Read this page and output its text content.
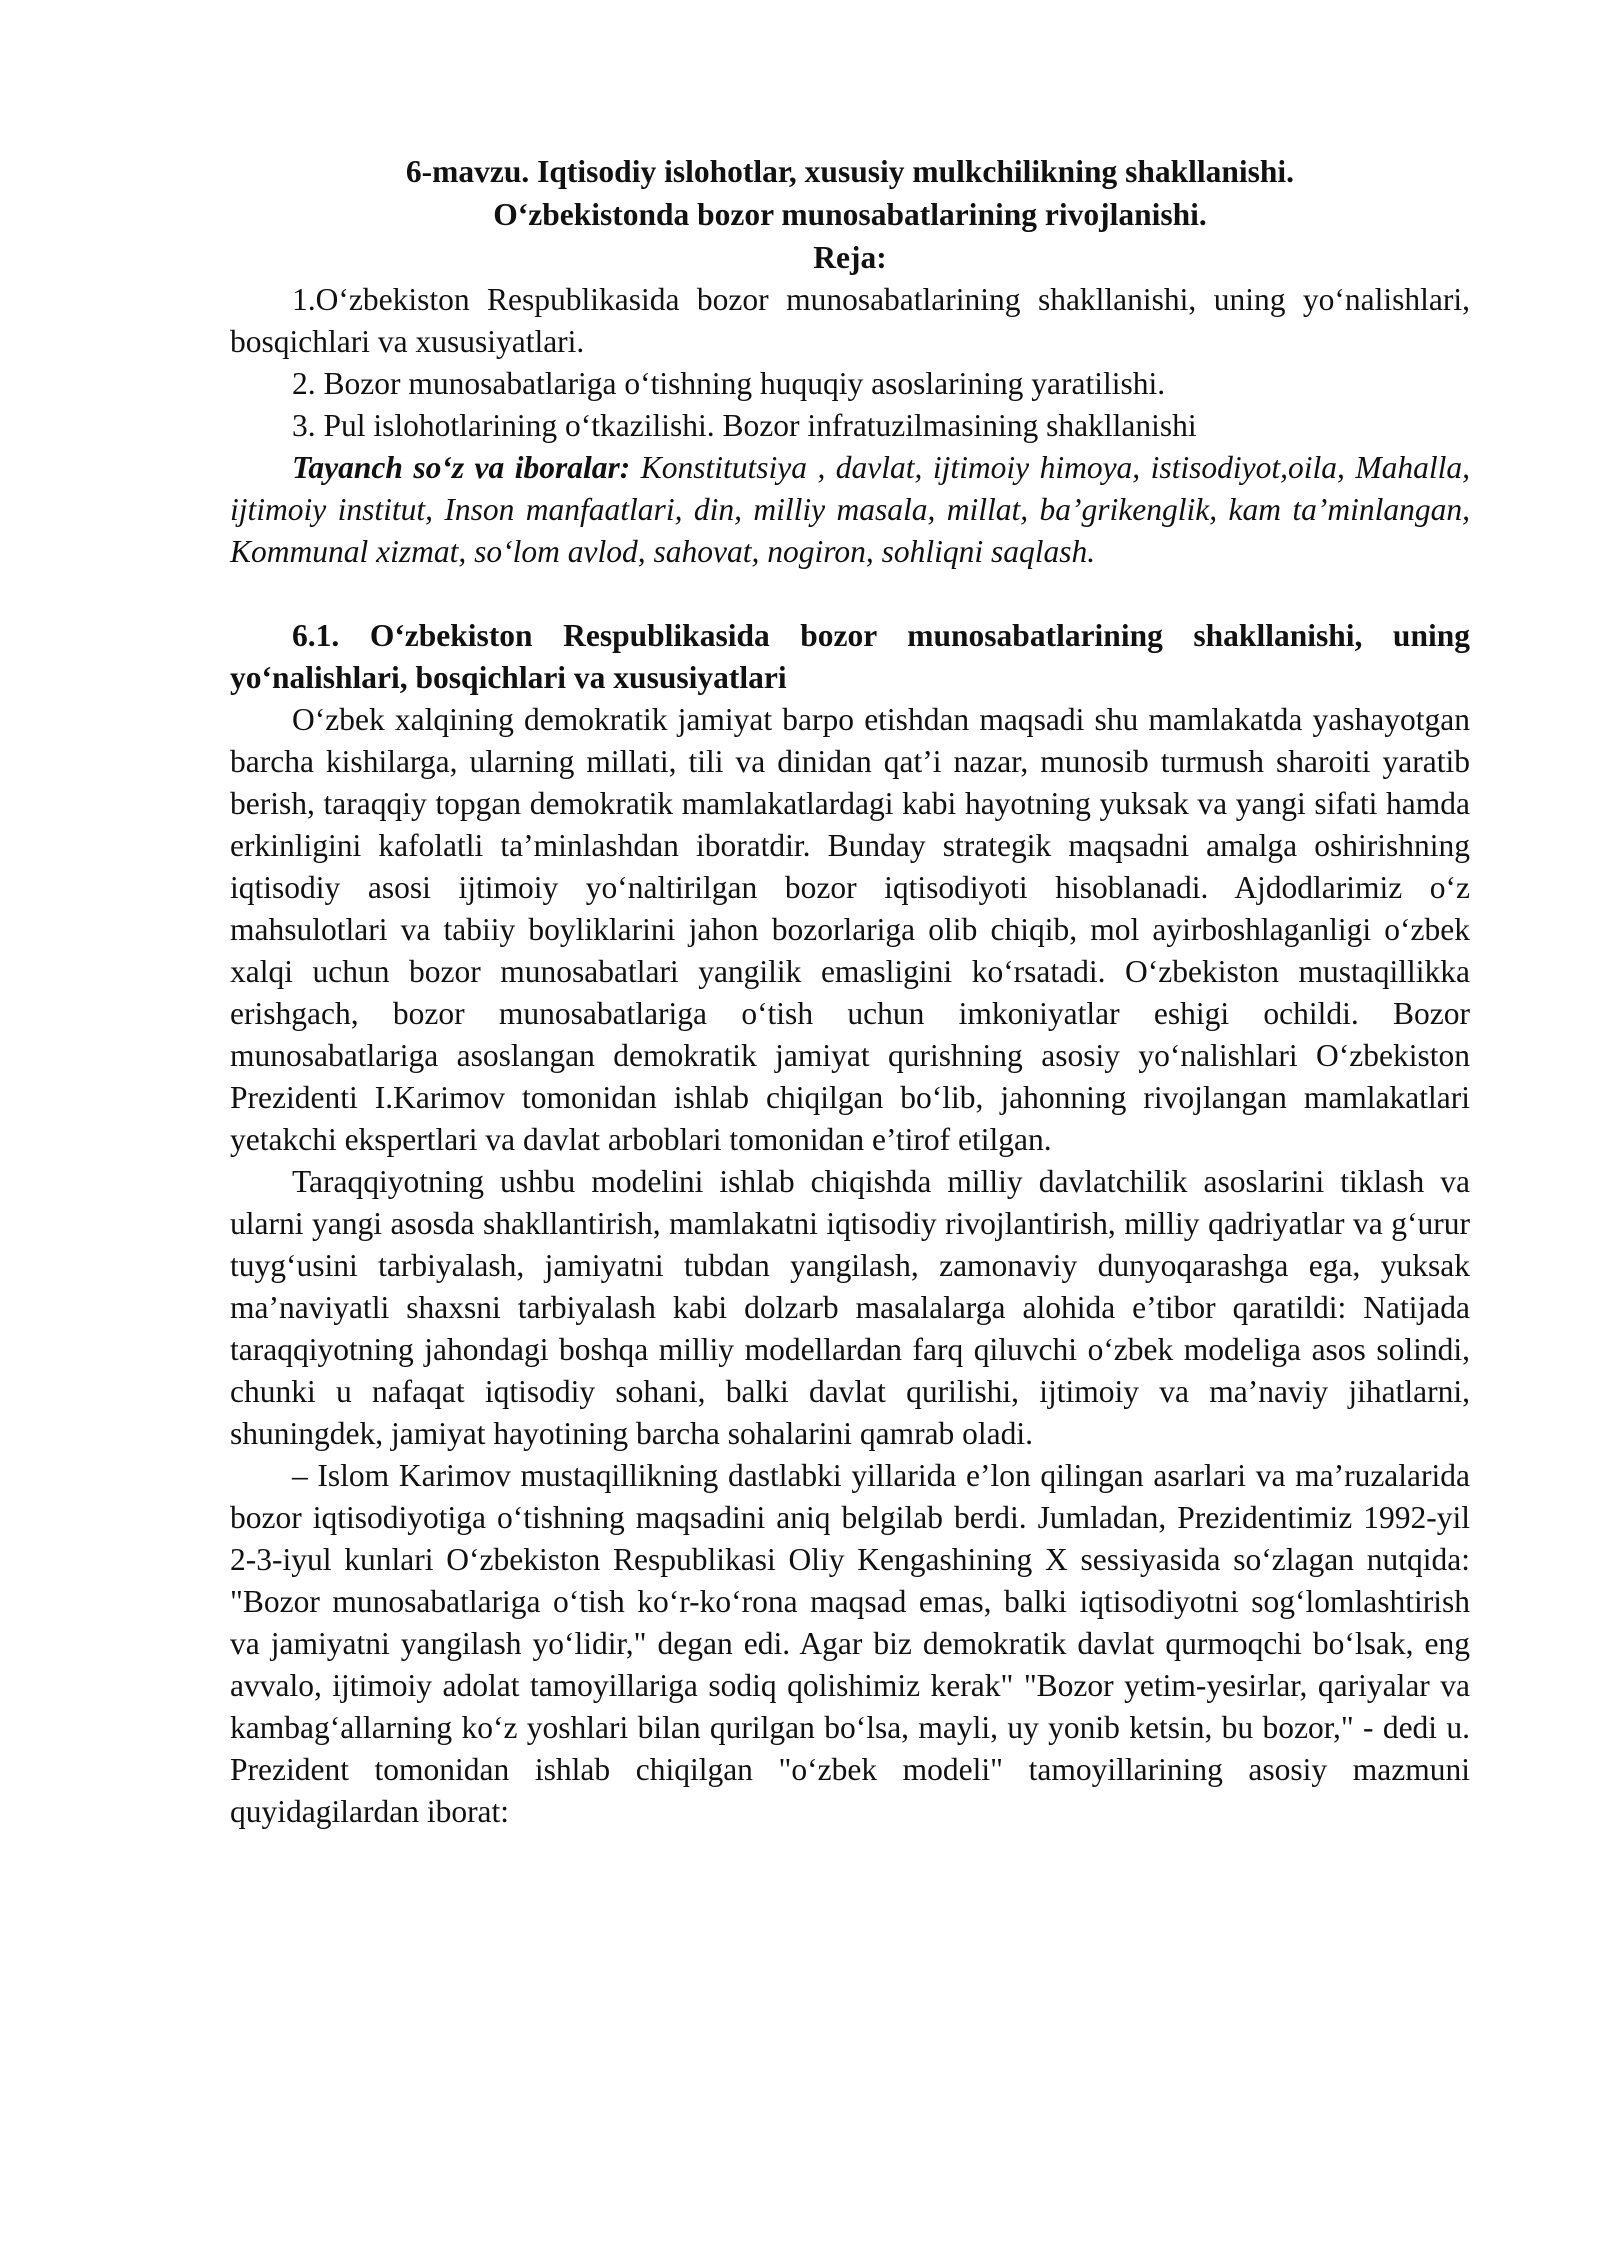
6-mavzu. Iqtisodiy islohotlar, xususiy mulkchilikning shakllanishi.

O‘zbekistonda bozor munosabatlarining rivojlanishi.

Reja:

1.O‘zbekiston Respublikasida bozor munosabatlarining shakllanishi, uning yo‘nalishlari, bosqichlari va xususiyatlari.

2. Bozor munosabatlariga o‘tishning huquqiy asoslarining yaratilishi.

3. Pul islohotlarining o‘tkazilishi. Bozor infratuzilmasining shakllanishi

Tayanch so‘z va iboralar: Konstitutsiya , davlat, ijtimoiy himoya, istisodiyot,oila, Mahalla, ijtimoiy institut, Inson manfaatlari, din, milliy masala, millat, ba’grikenglik, kam ta’minlangan, Kommunal xizmat, so‘lom avlod, sahovat, nogiron, sohliqni saqlash.

6.1. O‘zbekiston Respublikasida bozor munosabatlarining shakllanishi, uning yo‘nalishlari, bosqichlari va xususiyatlari

O‘zbek xalqining demokratik jamiyat barpo etishdan maqsadi shu mamlakatda yashayotgan barcha kishilarga, ularning millati, tili va dinidan qat’i nazar, munosib turmush sharoiti yaratib berish, taraqqiy topgan demokratik mamlakatlardagi kabi hayotning yuksak va yangi sifati hamda erkinligini kafolatli ta’minlashdan iboratdir. Bunday strategik maqsadni amalga oshirishning iqtisodiy asosi ijtimoiy yo‘naltirilgan bozor iqtisodiyoti hisoblanadi. Ajdodlarimiz o‘z mahsulotlari va tabiiy boyliklarini jahon bozorlariga olib chiqib, mol ayirboshlaganligi o‘zbek xalqi uchun bozor munosabatlari yangilik emasligini ko‘rsatadi. O‘zbekiston mustaqillikka erishgach, bozor munosabatlariga o‘tish uchun imkoniyatlar eshigi ochildi. Bozor munosabatlariga asoslangan demokratik jamiyat qurishning asosiy yo‘nalishlari O‘zbekiston Prezidenti I.Karimov tomonidan ishlab chiqilgan bo‘lib, jahonning rivojlangan mamlakatlari yetakchi ekspertlari va davlat arboblari tomonidan e’tirof etilgan.

Taraqqiyotning ushbu modelini ishlab chiqishda milliy davlatchilik asoslarini tiklash va ularni yangi asosda shakllantirish, mamlakatni iqtisodiy rivojlantirish, milliy qadriyatlar va g‘urur tuyg‘usini tarbiyalash, jamiyatni tubdan yangilash, zamonaviy dunyoqarashga ega, yuksak ma’naviyatli shaxsni tarbiyalash kabi dolzarb masalalarga alohida e’tibor qaratildi: Natijada taraqqiyotning jahondagi boshqa milliy modellardan farq qiluvchi o‘zbek modeliga asos solindi, chunki u nafaqat iqtisodiy sohani, balki davlat qurilishi, ijtimoiy va ma’naviy jihatlarni, shuningdek, jamiyat hayotining barcha sohalarini qamrab oladi.

– Islom Karimov mustaqillikning dastlabki yillarida e’lon qilingan asarlari va ma’ruzalarida bozor iqtisodiyotiga o‘tishning maqsadini aniq belgilab berdi. Jumladan, Prezidentimiz 1992-yil 2-3-iyul kunlari O‘zbekiston Respublikasi Oliy Kengashining X sessiyasida so‘zlagan nutqida: "Bozor munosabatlariga o‘tish ko‘r-ko‘rona maqsad emas, balki iqtisodiyotni sog‘lomlashtirish va jamiyatni yangilash yo‘lidir," degan edi. Agar biz demokratik davlat qurmoqchi bo‘lsak, eng avvalo, ijtimoiy adolat tamoyillariga sodiq qolishimiz kerak" "Bozor yetim-yesirlar, qariyalar va kambag‘allarning ko‘z yoshlari bilan qurilgan bo‘lsa, mayli, uy yonib ketsin, bu bozor," - dedi u. Prezident tomonidan ishlab chiqilgan "o‘zbek modeli" tamoyillarining asosiy mazmuni quyidagilardan iborat:
